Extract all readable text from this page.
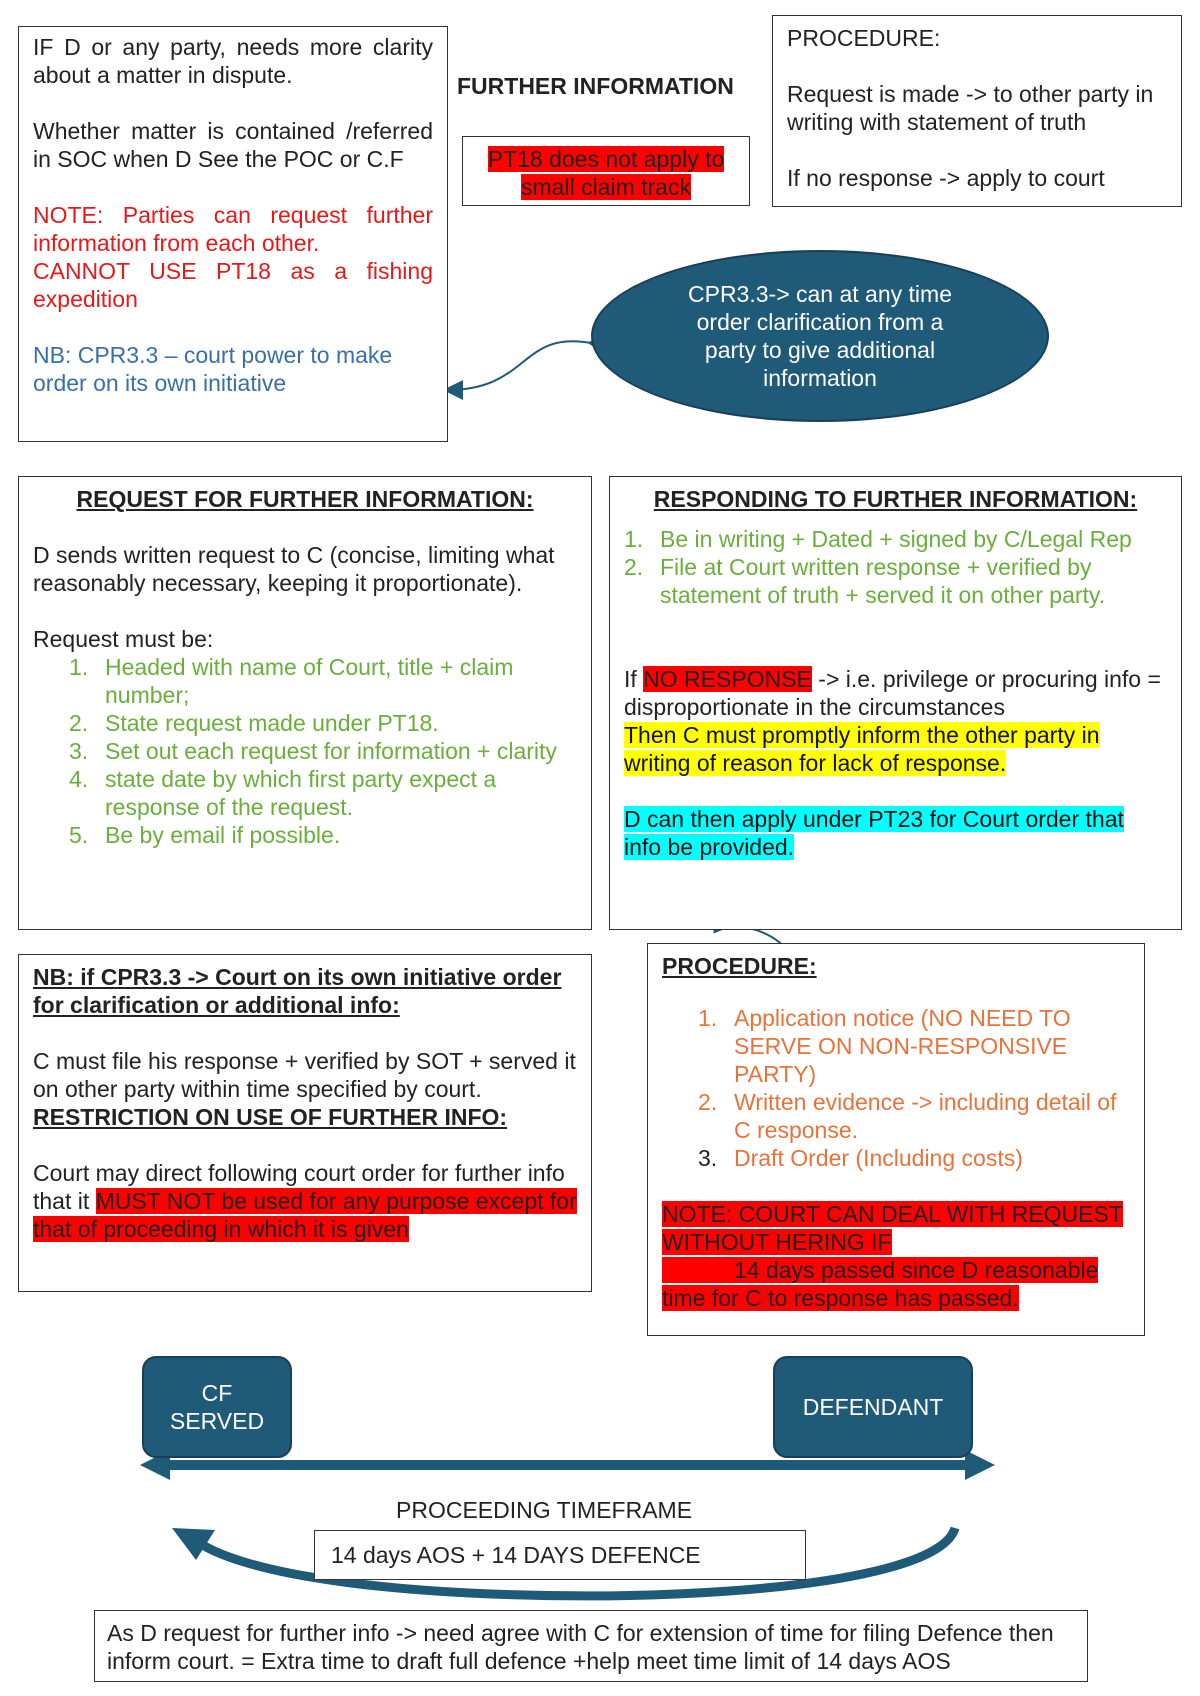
IF D or any party, needs more clarity about a matter in dispute.

Whether matter is contained /referred in SOC when D See the POC or C.F

NOTE: Parties can request further information from each other.

CANNOT USE PT18 as a fishing expedition

NB: CPR3.3 – court power to make order on its own initiative

FURTHER INFORMATION
PT18 does not apply to small claim track

PROCEDURE:

Request is made -> to other party in writing with statement of truth

If no response -> apply to court

CPR3.3-> can at any time order clarification from a party to give additional information

REQUEST FOR FURTHER INFORMATION:

D sends written request to C (concise, limiting what reasonably necessary, keeping it proportionate).

Request must be:

1. Headed with name of Court, title + claim number;
2. State request made under PT18.
3. Set out each request for information + clarity
4. state date by which first party expect a response of the request.
5. Be by email if possible.

RESPONDING TO FURTHER INFORMATION:

1. Be in writing + Dated + signed by C/Legal Rep
2. File at Court written response + verified by statement of truth + served it on other party.

If NO RESPONSE -> i.e. privilege or procuring info = disproportionate in the circumstances

Then C must promptly inform the other party in writing of reason for lack of response.

D can then apply under PT23 for Court order that info be provided.

NB: if CPR3.3 -> Court on its own initiative order for clarification or additional info:

C must file his response + verified by SOT + served it on other party within time specified by court.

RESTRICTION ON USE OF FURTHER INFO:

Court may direct following court order for further info that it MUST NOT be used for any purpose except for that of proceeding in which it is given

PROCEDURE:

1. Application notice (NO NEED TO SERVE ON NON-RESPONSIVE PARTY)
2. Written evidence -> including detail of C response.
3. Draft Order (Including costs)

NOTE: COURT CAN DEAL WITH REQUEST WITHOUT HERING IF
14 days passed since D reasonable time for C to response has passed.

CF SERVED
DEFENDANT
PROCEEDING TIMEFRAME
14 days AOS + 14 DAYS DEFENCE

As D request for further info -> need agree with C for extension of time for filing Defence then inform court. = Extra time to draft full defence +help meet time limit of 14 days AOS
